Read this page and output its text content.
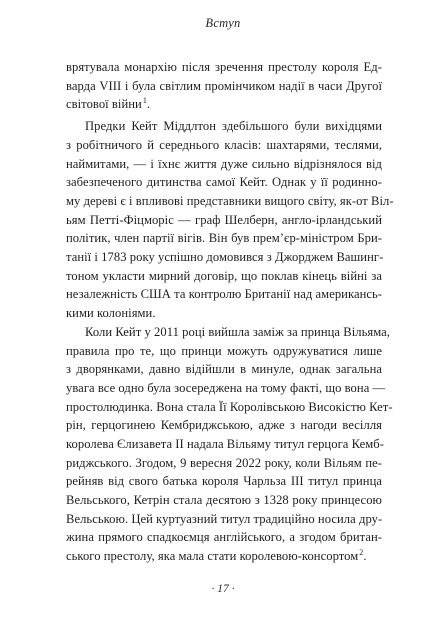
Вступ
врятувала монархію після зречення престолу короля Ед-
варда VIII і була світлим промінчиком надії в часи Другої
світової війни$^1$.
Предки Кейт Міддлтон здебільшого були вихідцями
з робітничого й середнього класів: шахтарями, теслями,
наймитами, — і їхнє життя дуже сильно відрізнялося від
забезпеченого дитинства самої Кейт. Однак у її родинно-
му дереві є і впливові представники вищого світу, як-от Віл-
ьям Петті-Фіцморіс — граф Шелберн, англо-ірландський
політик, член партії вігів. Він був прем’єр-міністром Бри-
танії і 1783 року успішно домовився з Джорджем Вашинг-
тоном укласти мирний договір, що поклав кінець війні за
незалежність США та контролю Британії над американсь-
кими колоніями.
Коли Кейт у 2011 році вийшла заміж за принца Вільяма,
правила про те, що принци можуть одружуватися лише
з дворянками, давно відійшли в минуле, однак загальна
увага все одно була зосереджена на тому факті, що вона —
простолюдинка. Вона стала Її Королівською Високістю Кет-
рін, герцогинею Кембриджською, адже з нагоди весілля
королева Єлизавета II надала Вільяму титул герцога Кемб-
риджського. Згодом, 9 вересня 2022 року, коли Вільям пе-
рейняв від свого батька короля Чарльза III титул принца
Вельського, Кетрін стала десятою з 1328 року принцесою
Вельською. Цей куртуазний титул традиційно носила дру-
жина прямого спадкоємця англійського, а згодом британ-
ського престолу, яка мала стати королевою-консортом$^2$.
· 17 ·
